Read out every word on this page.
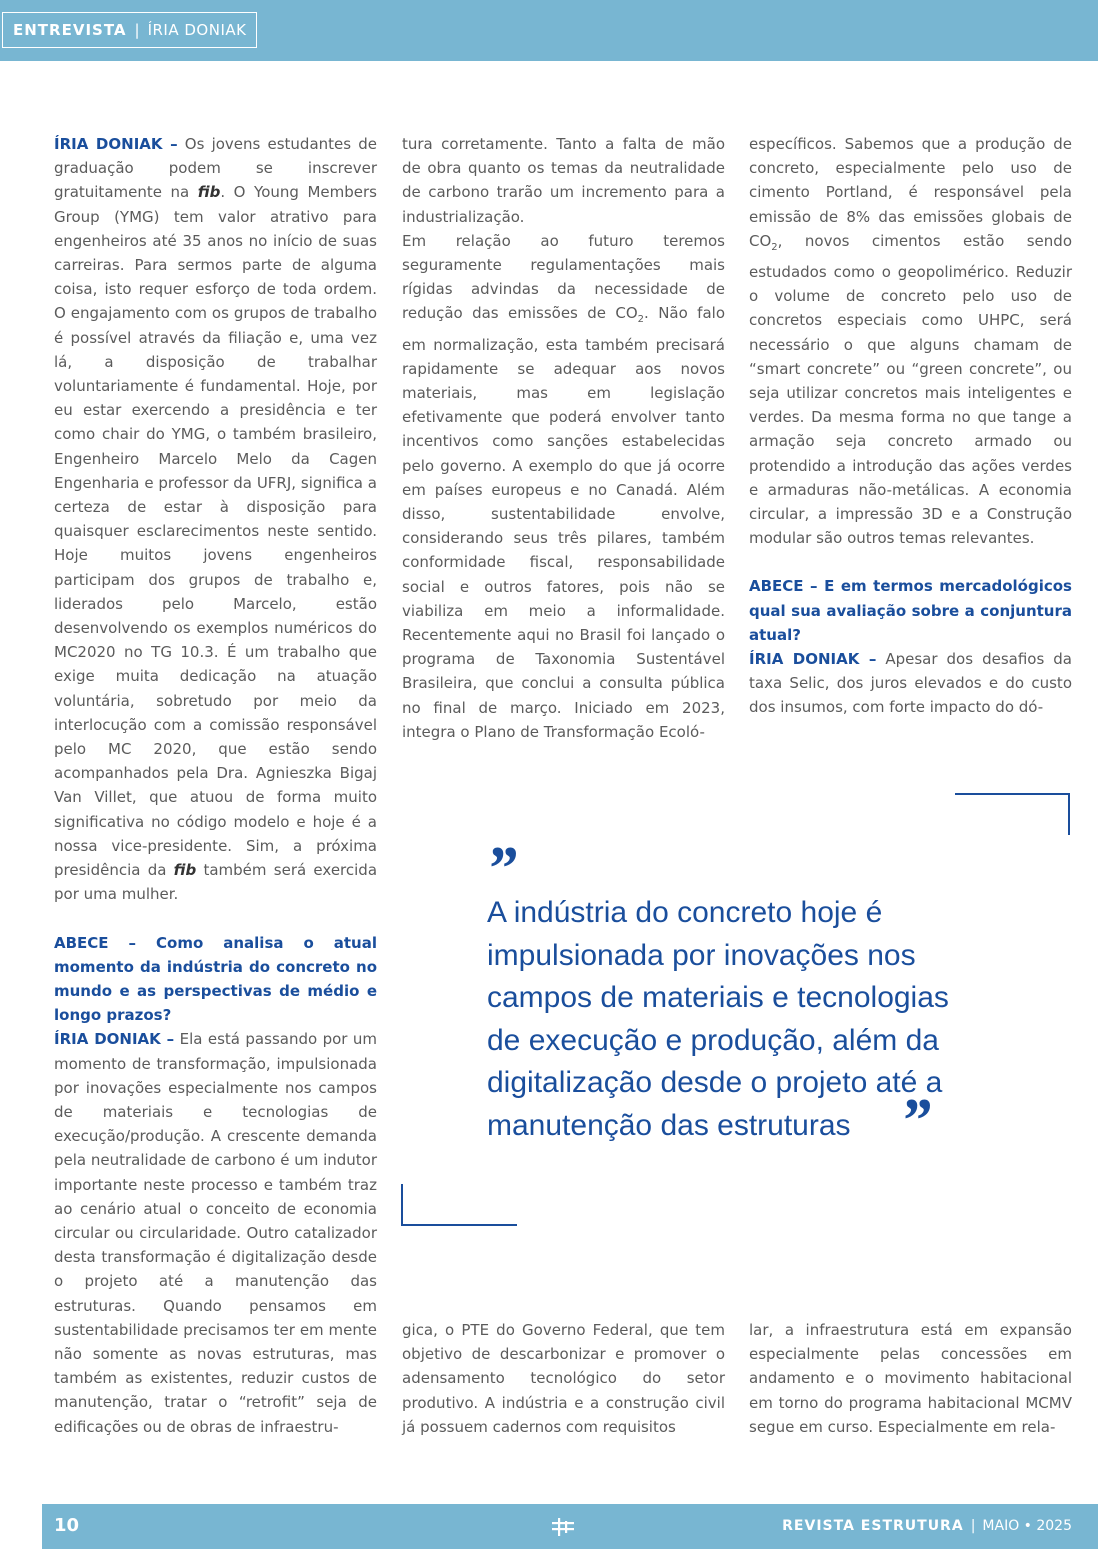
ENTREVISTA | ÍRIA DONIAK

ÍRIA DONIAK – Os jovens estudantes de graduação podem se inscrever gratuitamente na fib. O Young Members Group (YMG) tem valor atrativo para engenheiros até 35 anos no início de suas carreiras. Para sermos parte de alguma coisa, isto requer esforço de toda ordem. O engajamento com os grupos de trabalho é possível através da filiação e, uma vez lá, a disposição de trabalhar voluntariamente é fundamental. Hoje, por eu estar exercendo a presidência e ter como chair do YMG, o também brasileiro, Engenheiro Marcelo Melo da Cagen Engenharia e professor da UFRJ, significa a certeza de estar à disposição para quaisquer esclarecimentos neste sentido. Hoje muitos jovens engenheiros participam dos grupos de trabalho e, liderados pelo Marcelo, estão desenvolvendo os exemplos numéricos do MC2020 no TG 10.3. É um trabalho que exige muita dedicação na atuação voluntária, sobretudo por meio da interlocução com a comissão responsável pelo MC 2020, que estão sendo acompanhados pela Dra. Agnieszka Bigaj Van Villet, que atuou de forma muito significativa no código modelo e hoje é a nossa vice-presidente. Sim, a próxima presidência da fib também será exercida por uma mulher.

ABECE – Como analisa o atual momento da indústria do concreto no mundo e as perspectivas de médio e longo prazos?

ÍRIA DONIAK – Ela está passando por um momento de transformação, impulsionada por inovações especialmente nos campos de materiais e tecnologias de execução/produção. A crescente demanda pela neutralidade de carbono é um indutor importante neste processo e também traz ao cenário atual o conceito de economia circular ou circularidade. Outro catalizador desta transformação é digitalização desde o projeto até a manutenção das estruturas. Quando pensamos em sustentabilidade precisamos ter em mente não somente as novas estruturas, mas também as existentes, reduzir custos de manutenção, tratar o “retrofit” seja de edificações ou de obras de infraestru-

tura corretamente. Tanto a falta de mão de obra quanto os temas da neutralidade de carbono trarão um incremento para a industrialização.

Em relação ao futuro teremos seguramente regulamentações mais rígidas advindas da necessidade de redução das emissões de $CO_2$. Não falo em normalização, esta também precisará rapidamente se adequar aos novos materiais, mas em legislação efetivamente que poderá envolver tanto incentivos como sanções estabelecidas pelo governo. A exemplo do que já ocorre em países europeus e no Canadá. Além disso, sustentabilidade envolve, considerando seus três pilares, também conformidade fiscal, responsabilidade social e outros fatores, pois não se viabiliza em meio a informalidade. Recentemente aqui no Brasil foi lançado o programa de Taxonomia Sustentável Brasileira, que conclui a consulta pública no final de março. Iniciado em 2023, integra o Plano de Transformação Ecoló-

específicos. Sabemos que a produção de concreto, especialmente pelo uso de cimento Portland, é responsável pela emissão de 8% das emissões globais de $CO_2$, novos cimentos estão sendo estudados como o geopolimérico. Reduzir o volume de concreto pelo uso de concretos especiais como UHPC, será necessário o que alguns chamam de “smart concrete” ou “green concrete”, ou seja utilizar concretos mais inteligentes e verdes. Da mesma forma no que tange a armação seja concreto armado ou protendido a introdução das ações verdes e armaduras não-metálicas. A economia circular, a impressão 3D e a Construção modular são outros temas relevantes.

ABECE – E em termos mercadológicos qual sua avaliação sobre a conjuntura atual?

ÍRIA DONIAK – Apesar dos desafios da taxa Selic, dos juros elevados e do custo dos insumos, com forte impacto do dó-

”
A indústria do concreto hoje é
impulsionada por inovações nos
campos de materiais e tecnologias
de execução e produção, além da
digitalização desde o projeto até a
manutenção das estruturas ”

gica, o PTE do Governo Federal, que tem objetivo de descarbonizar e promover o adensamento tecnológico do setor produtivo. A indústria e a construção civil já possuem cadernos com requisitos

lar, a infraestrutura está em expansão especialmente pelas concessões em andamento e o movimento habitacional em torno do programa habitacional MCMV segue em curso. Especialmente em rela-

10	REVISTA ESTRUTURA | MAIO • 2025
